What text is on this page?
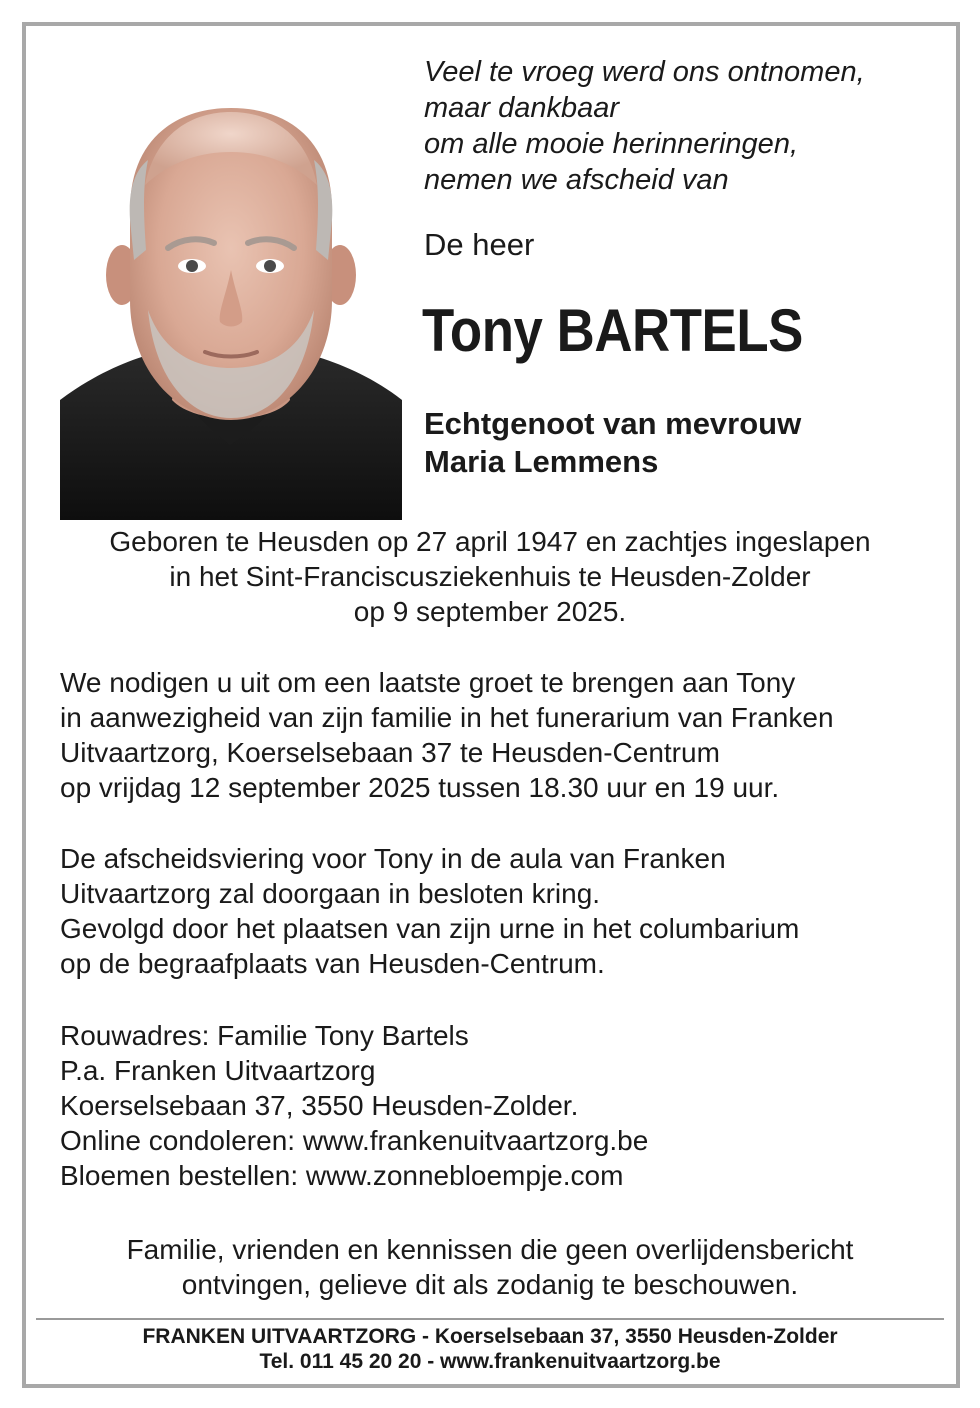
Veel te vroeg werd ons ontnomen,
maar dankbaar
om alle mooie herinneringen,
nemen we afscheid van
De heer
Tony BARTELS
Echtgenoot van mevrouw
Maria Lemmens
Geboren te Heusden op 27 april 1947 en zachtjes ingeslapen
in het Sint-Franciscusziekenhuis te Heusden-Zolder
op 9 september 2025.
We nodigen u uit om een laatste groet te brengen aan Tony
in aanwezigheid van zijn familie in het funerarium van Franken
Uitvaartzorg, Koerselsebaan 37 te Heusden-Centrum
op vrijdag 12 september 2025 tussen 18.30 uur en 19 uur.
De afscheidsviering voor Tony in de aula van Franken
Uitvaartzorg zal doorgaan in besloten kring.
Gevolgd door het plaatsen van zijn urne in het columbarium
op de begraafplaats van Heusden-Centrum.
Rouwadres: Familie Tony Bartels
P.a. Franken Uitvaartzorg
Koerselsebaan 37, 3550 Heusden-Zolder.
Online condoleren: www.frankenuitvaartzorg.be
Bloemen bestellen: www.zonnebloempje.com
Familie, vrienden en kennissen die geen overlijdensbericht
ontvingen, gelieve dit als zodanig te beschouwen.
FRANKEN UITVAARTZORG - Koerselsebaan 37, 3550 Heusden-Zolder
Tel. 011 45 20 20 - www.frankenuitvaartzorg.be
